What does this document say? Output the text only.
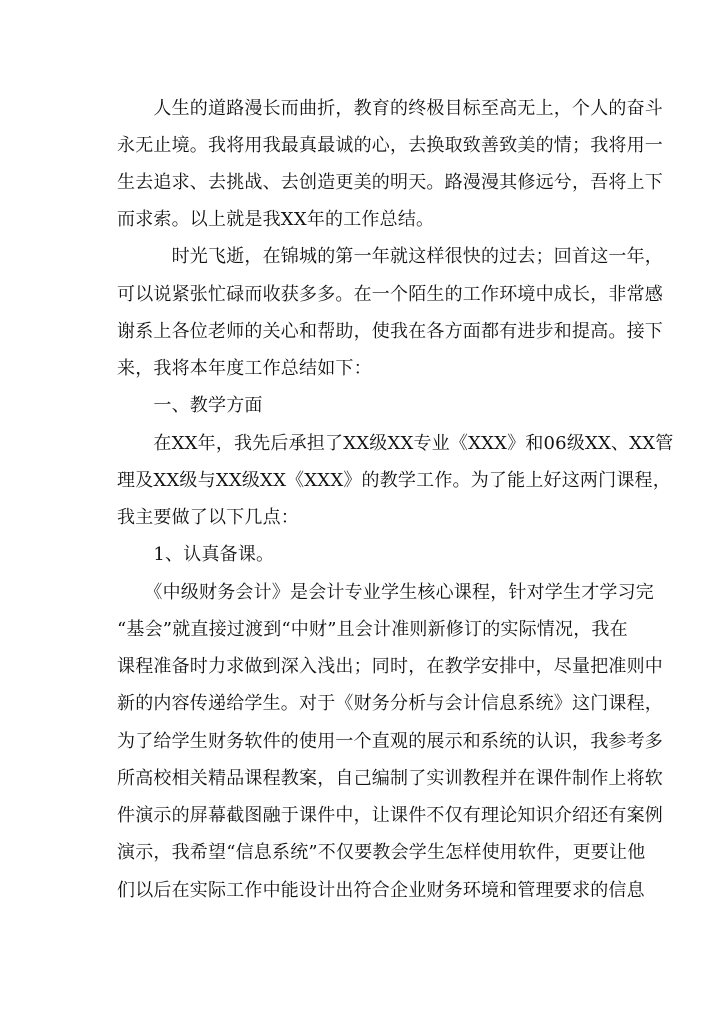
　　人生的道路漫长而曲折，教育的终极目标至高无上，个人的奋斗
永无止境。我将用我最真最诚的心，去换取致善致美的情；我将用一
生去追求、去挑战、去创造更美的明天。路漫漫其修远兮，吾将上下
而求索。以上就是我XX年的工作总结。
　　　时光飞逝，在锦城的第一年就这样很快的过去；回首这一年，
可以说紧张忙碌而收获多多。在一个陌生的工作环境中成长，非常感
谢系上各位老师的关心和帮助，使我在各方面都有进步和提高。接下
来，我将本年度工作总结如下：
　　一、教学方面
　　在XX年，我先后承担了XX级XX专业《XXX》和06级XX、XX管
理及XX级与XX级XX《XXX》的教学工作。为了能上好这两门课程，
我主要做了以下几点：
　　1、认真备课。
　　《中级财务会计》是会计专业学生核心课程，针对学生才学习完
“基会”就直接过渡到“中财”且会计准则新修订的实际情况，我在
课程准备时力求做到深入浅出；同时，在教学安排中，尽量把准则中
新的内容传递给学生。对于《财务分析与会计信息系统》这门课程，
为了给学生财务软件的使用一个直观的展示和系统的认识，我参考多
所高校相关精品课程教案，自己编制了实训教程并在课件制作上将软
件演示的屏幕截图融于课件中，让课件不仅有理论知识介绍还有案例
演示，我希望“信息系统”不仅要教会学生怎样使用软件，更要让他
们以后在实际工作中能设计出符合企业财务环境和管理要求的信息
